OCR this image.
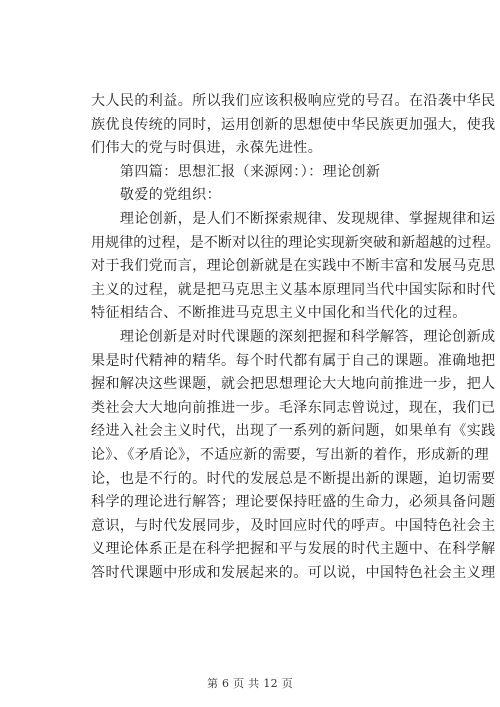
大人民的利益。所以我们应该积极响应党的号召。在沿袭中华民
族优良传统的同时，运用创新的思想使中华民族更加强大，使我
们伟大的党与时俱进，永葆先进性。
　　第四篇：思想汇报（来源网：）：理论创新
　　敬爱的党组织：
　　理论创新，是人们不断探索规律、发现规律、掌握规律和运
用规律的过程，是不断对以往的理论实现新突破和新超越的过程。
对于我们党而言，理论创新就是在实践中不断丰富和发展马克思
主义的过程，就是把马克思主义基本原理同当代中国实际和时代
特征相结合、不断推进马克思主义中国化和当代化的过程。
　　理论创新是对时代课题的深刻把握和科学解答，理论创新成
果是时代精神的精华。每个时代都有属于自己的课题。准确地把
握和解决这些课题，就会把思想理论大大地向前推进一步，把人
类社会大大地向前推进一步。毛泽东同志曾说过，现在，我们已
经进入社会主义时代，出现了一系列的新问题，如果单有《实践
论》、《矛盾论》，不适应新的需要，写出新的着作，形成新的理
论，也是不行的。时代的发展总是不断提出新的课题，迫切需要
科学的理论进行解答；理论要保持旺盛的生命力，必须具备问题
意识，与时代发展同步，及时回应时代的呼声。中国特色社会主
义理论体系正是在科学把握和平与发展的时代主题中、在科学解
答时代课题中形成和发展起来的。可以说，中国特色社会主义理
第 6 页 共 12 页
